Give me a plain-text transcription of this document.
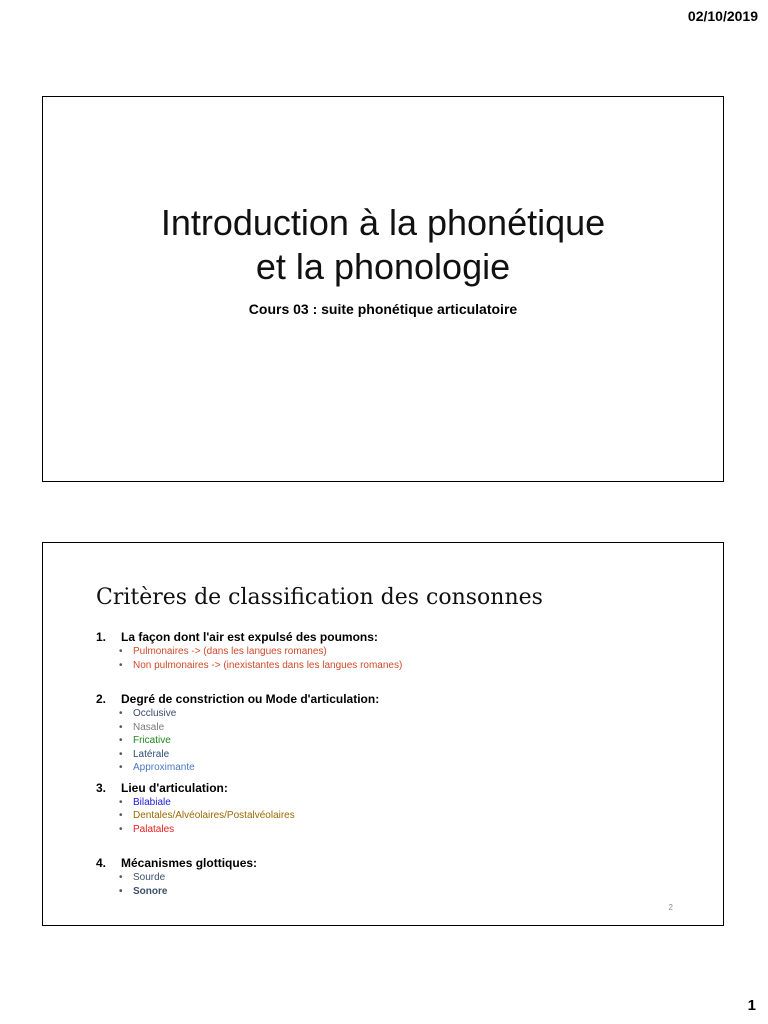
02/10/2019
Introduction à la phonétique
et la phonologie
Cours 03 : suite phonétique articulatoire
Critères de classification des consonnes
1.	La façon dont l'air est expulsé des poumons:
• Pulmonaires -> (dans les langues romanes)
• Non pulmonaires -> (inexistantes dans les langues romanes)
2.	Degré de constriction ou Mode d'articulation:
• Occlusive
• Nasale
• Fricative
• Latérale
• Approximante
3.	Lieu d'articulation:
• Bilabiale
• Dentales/Alvéolaires/Postalvéolaires
• Palatales
4.	Mécanismes glottiques:
• Sourde
• Sonore
2
1
